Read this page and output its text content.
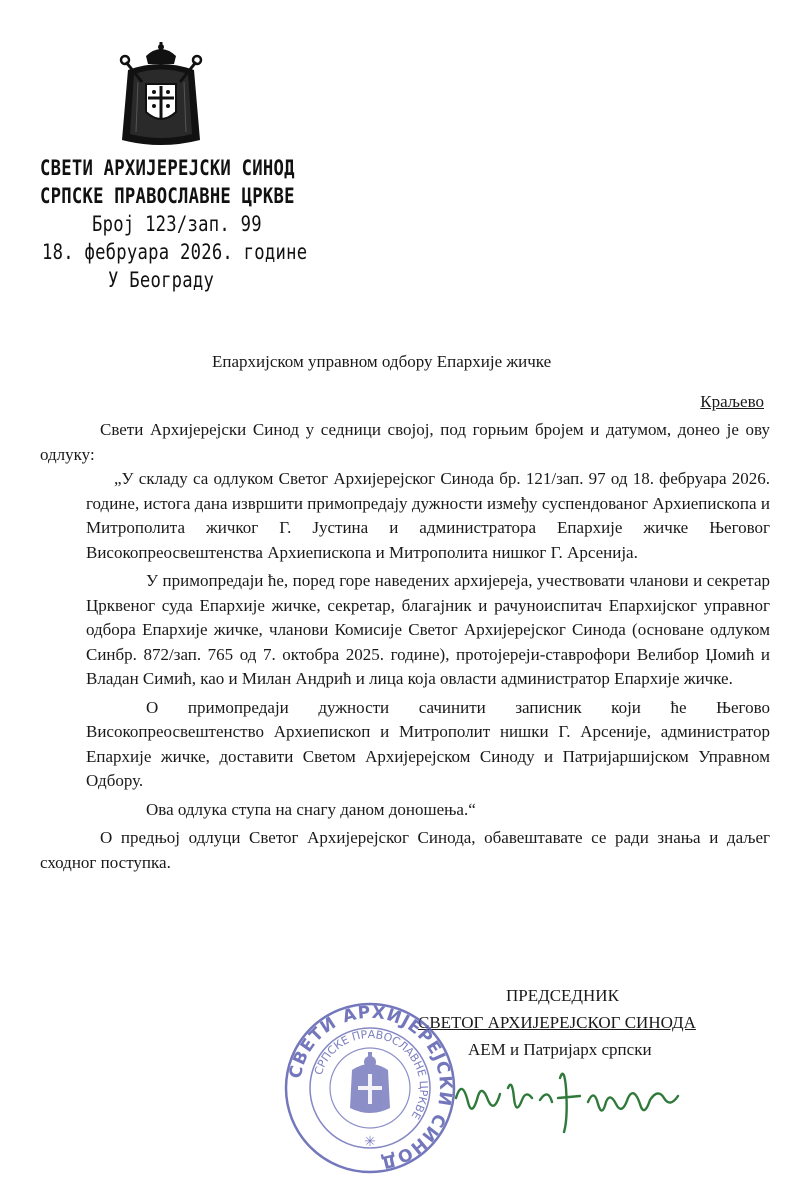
СВЕТИ АРХИЈЕРЕЈСКИ СИНОД
СРПСКЕ ПРАВОСЛАВНЕ ЦРКВЕ
Број 123/зап. 99
18. фебруара 2026. године
У Београду
Епархијском управном одбору Епархије жичке
Краљево

Свети Архијерејски Синод у седници својој, под горњим бројем и датумом, донео је ову одлуку:

„У складу са одлуком Светог Архијерејског Синода бр. 121/зап. 97 од 18. фебруара 2026. године, истога дана извршити примопредају дужности између суспендованог Архиепископа и Митрополита жичког Г. Јустина и администратора Епархије жичке Његовог Високопреосвештенства Архиепископа и Митрополита нишког Г. Арсенија.

У примопредаји ће, поред горе наведених архијереја, учествовати чланови и секретар Црквеног суда Епархије жичке, секретар, благајник и рачуноиспитач Епархијског управног одбора Епархије жичке, чланови Комисије Светог Архијерејског Синода (основане одлуком Синбр. 872/зап. 765 од 7. октобра 2025. године), протојереји-ставрофори Велибор Џомић и Владан Симић, као и Милан Андрић и лица која овласти администратор Епархије жичке.

О примопредаји дужности сачинити записник који ће Његово Високопреосвештенство Архиепископ и Митрополит нишки Г. Арсеније, администратор Епархије жичке, доставити Светом Архијерејском Синоду и Патријаршијском Управном Одбору.

Ова одлука ступа на снагу даном доношења.“

О предњој одлуци Светог Архијерејског Синода, обавештавате се ради знања и даљег сходног поступка.

ПРЕДСЕДНИК
СВЕТОГ АРХИЈЕРЕЈСКОГ СИНОДА
АЕМ и Патријарх српски
СВЕТИ АРХИЈЕРЕЈСКИ СИНОД
СРПСКЕ ПРАВОСЛАВНЕ ЦРКВЕ
✳
